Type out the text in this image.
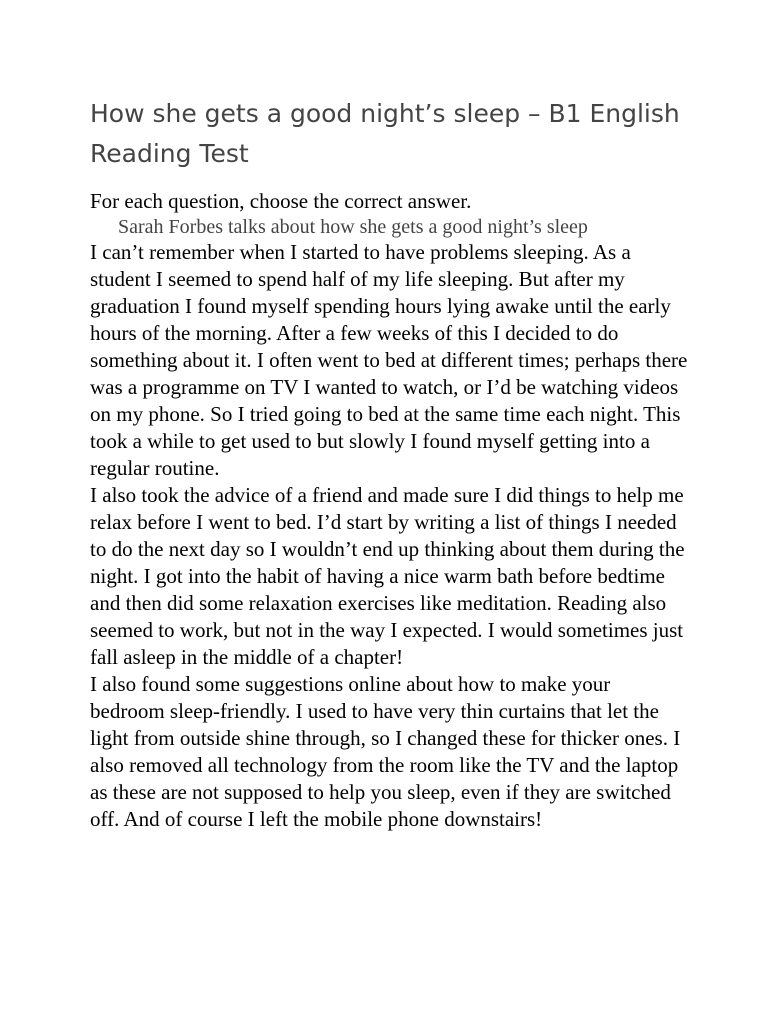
How she gets a good night’s sleep – B1 English Reading Test

For each question, choose the correct answer.

Sarah Forbes talks about how she gets a good night’s sleep

I can’t remember when I started to have problems sleeping. As a student I seemed to spend half of my life sleeping. But after my graduation I found myself spending hours lying awake until the early hours of the morning. After a few weeks of this I decided to do something about it. I often went to bed at different times; perhaps there was a programme on TV I wanted to watch, or I’d be watching videos on my phone. So I tried going to bed at the same time each night. This took a while to get used to but slowly I found myself getting into a regular routine.

I also took the advice of a friend and made sure I did things to help me relax before I went to bed. I’d start by writing a list of things I needed to do the next day so I wouldn’t end up thinking about them during the night. I got into the habit of having a nice warm bath before bedtime and then did some relaxation exercises like meditation. Reading also seemed to work, but not in the way I expected. I would sometimes just fall asleep in the middle of a chapter!

I also found some suggestions online about how to make your bedroom sleep-friendly. I used to have very thin curtains that let the light from outside shine through, so I changed these for thicker ones. I also removed all technology from the room like the TV and the laptop as these are not supposed to help you sleep, even if they are switched off. And of course I left the mobile phone downstairs!
